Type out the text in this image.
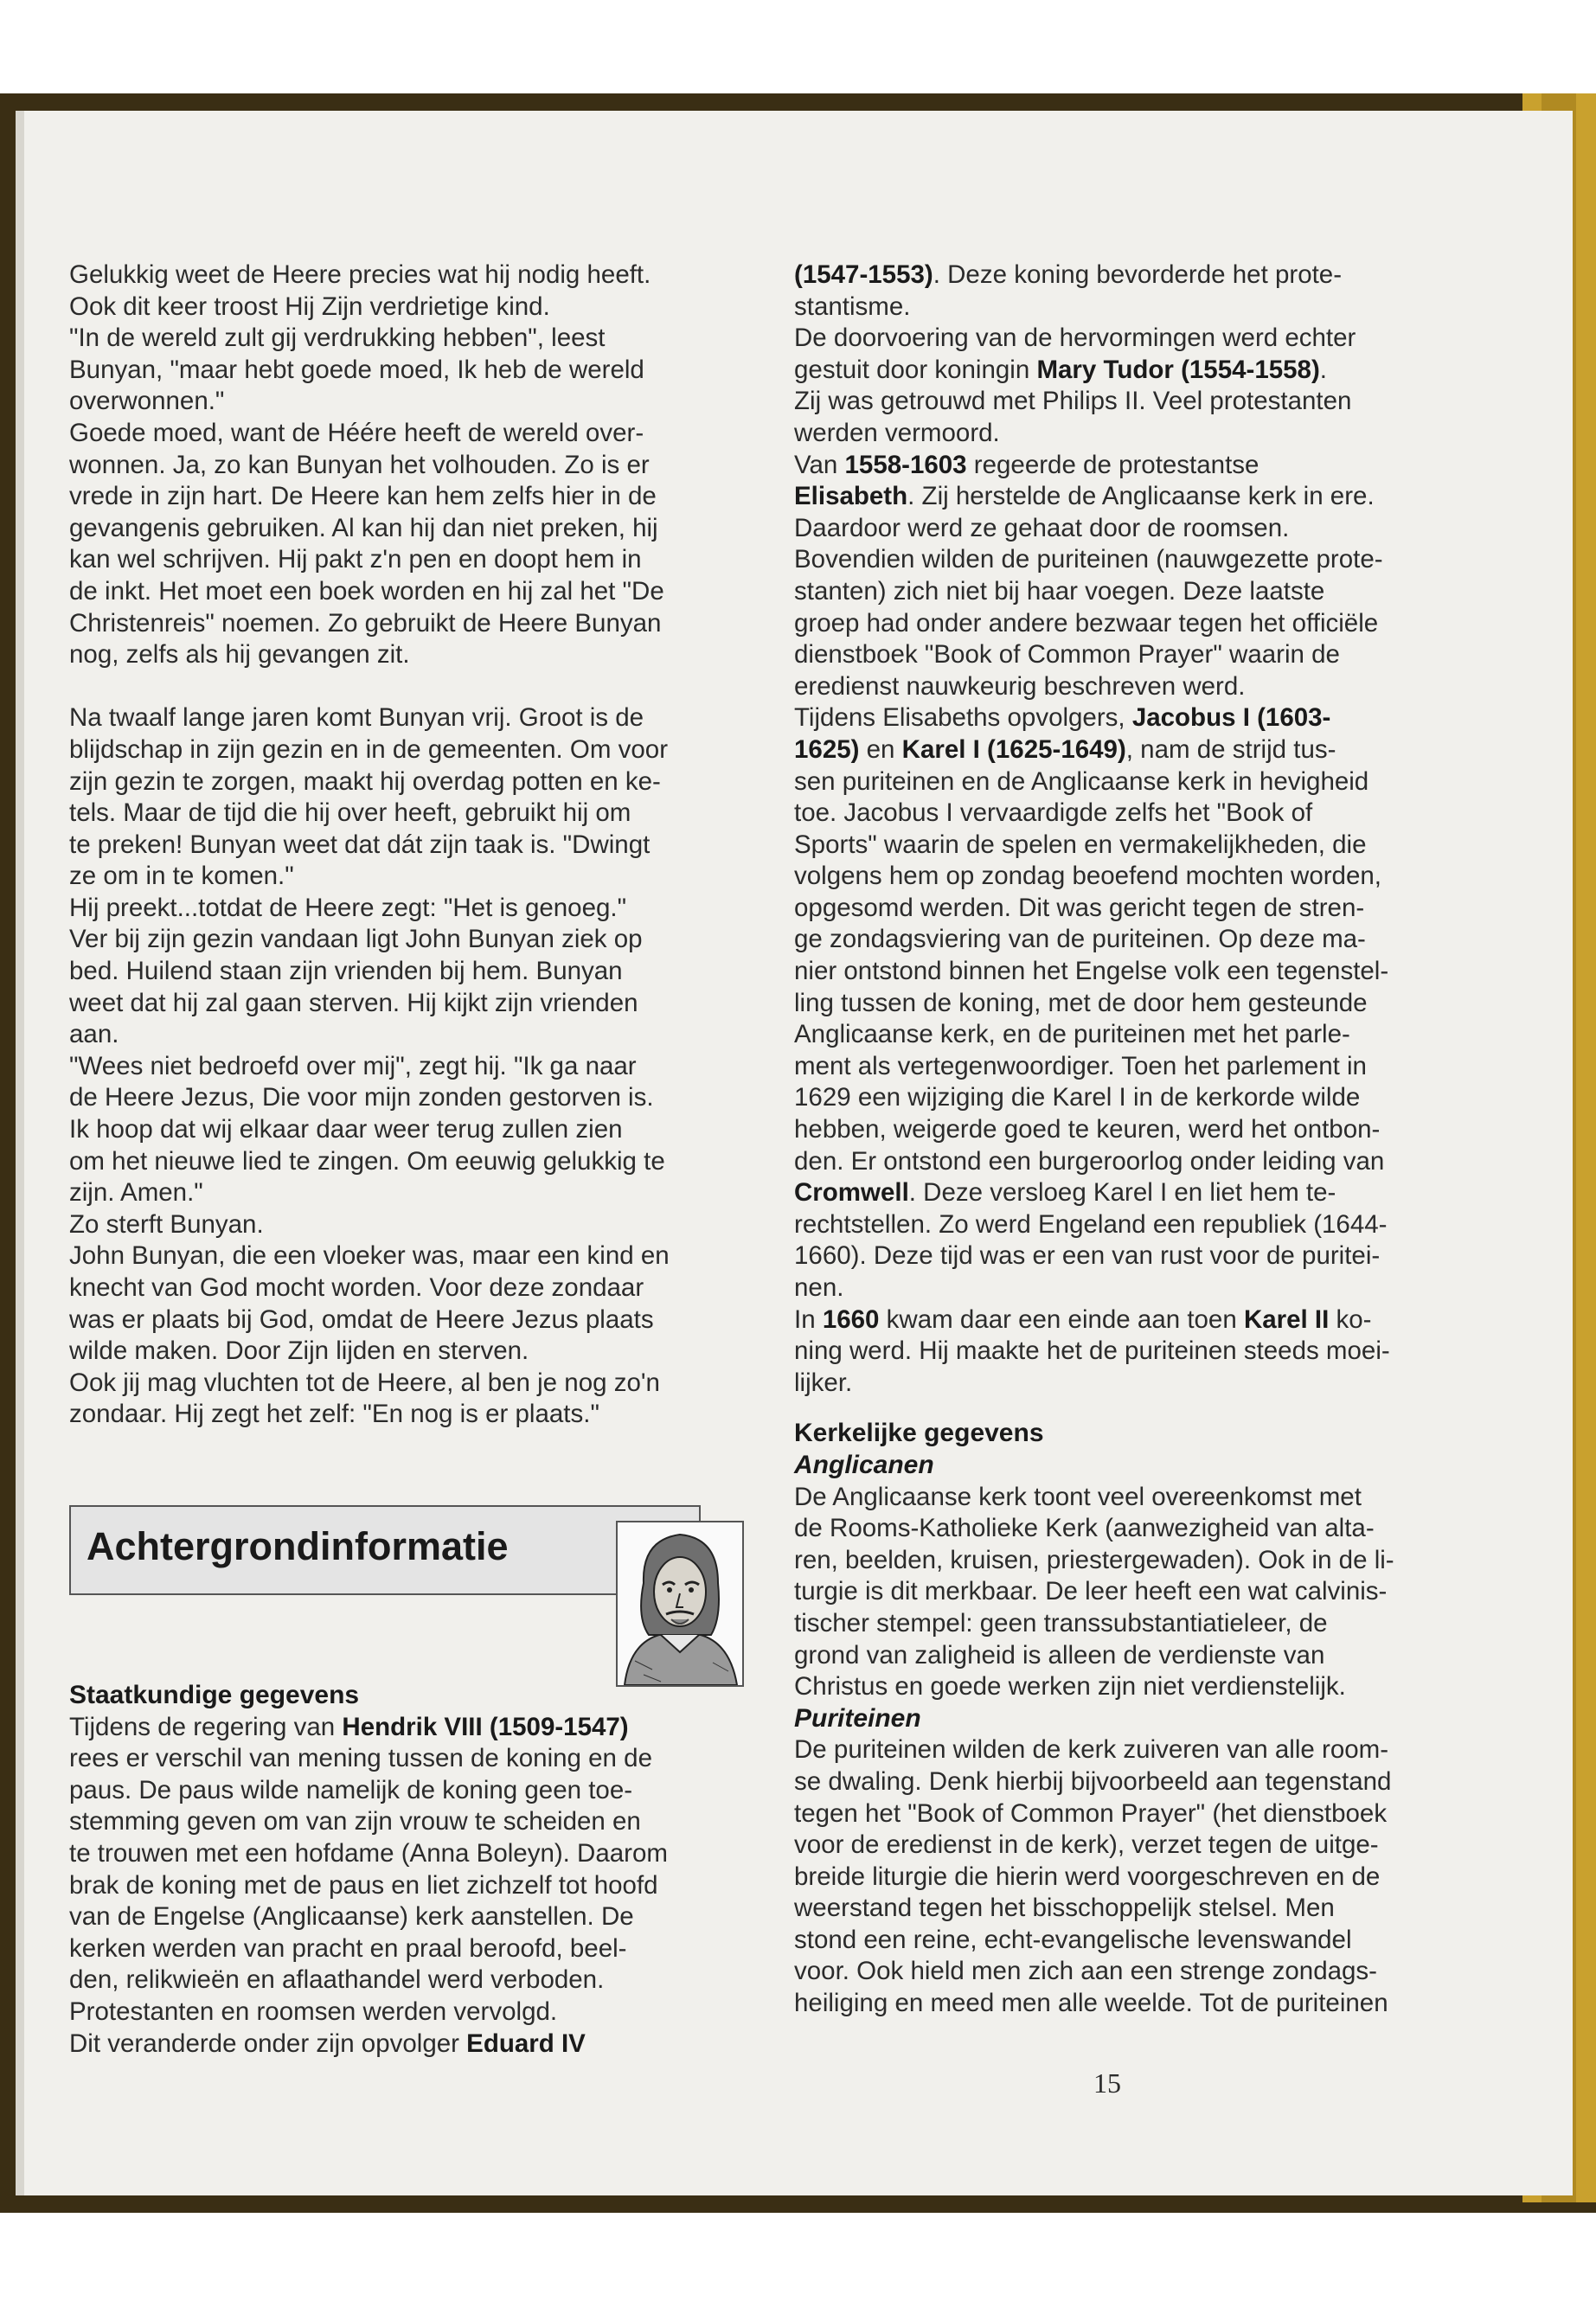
Gelukkig weet de Heere precies wat hij nodig heeft.
Ook dit keer troost Hij Zijn verdrietige kind.
"In de wereld zult gij verdrukking hebben", leest
Bunyan, "maar hebt goede moed, Ik heb de wereld
overwonnen."
Goede moed, want de Héére heeft de wereld over-
wonnen. Ja, zo kan Bunyan het volhouden. Zo is er
vrede in zijn hart. De Heere kan hem zelfs hier in de
gevangenis gebruiken. Al kan hij dan niet preken, hij
kan wel schrijven. Hij pakt z'n pen en doopt hem in
de inkt. Het moet een boek worden en hij zal het "De
Christenreis" noemen. Zo gebruikt de Heere Bunyan
nog, zelfs als hij gevangen zit.
Na twaalf lange jaren komt Bunyan vrij. Groot is de
blijdschap in zijn gezin en in de gemeenten. Om voor
zijn gezin te zorgen, maakt hij overdag potten en ke-
tels. Maar de tijd die hij over heeft, gebruikt hij om
te preken! Bunyan weet dat dát zijn taak is. "Dwingt
ze om in te komen."
Hij preekt...totdat de Heere zegt: "Het is genoeg."
Ver bij zijn gezin vandaan ligt John Bunyan ziek op
bed. Huilend staan zijn vrienden bij hem. Bunyan
weet dat hij zal gaan sterven. Hij kijkt zijn vrienden
aan.
"Wees niet bedroefd over mij", zegt hij. "Ik ga naar
de Heere Jezus, Die voor mijn zonden gestorven is.
Ik hoop dat wij elkaar daar weer terug zullen zien
om het nieuwe lied te zingen. Om eeuwig gelukkig te
zijn. Amen."
Zo sterft Bunyan.
John Bunyan, die een vloeker was, maar een kind en
knecht van God mocht worden. Voor deze zondaar
was er plaats bij God, omdat de Heere Jezus plaats
wilde maken. Door Zijn lijden en sterven.
Ook jij mag vluchten tot de Heere, al ben je nog zo'n
zondaar. Hij zegt het zelf: "En nog is er plaats."
Achtergrondinformatie
Staatkundige gegevens
Tijdens de regering van Hendrik VIII (1509-1547)
rees er verschil van mening tussen de koning en de
paus. De paus wilde namelijk de koning geen toe-
stemming geven om van zijn vrouw te scheiden en
te trouwen met een hofdame (Anna Boleyn). Daarom
brak de koning met de paus en liet zichzelf tot hoofd
van de Engelse (Anglicaanse) kerk aanstellen. De
kerken werden van pracht en praal beroofd, beel-
den, relikwieën en aflaathandel werd verboden.
Protestanten en roomsen werden vervolgd.
Dit veranderde onder zijn opvolger Eduard IV
(1547-1553). Deze koning bevorderde het prote-
stantisme.
De doorvoering van de hervormingen werd echter
gestuit door koningin Mary Tudor (1554-1558).
Zij was getrouwd met Philips II. Veel protestanten
werden vermoord.
Van 1558-1603 regeerde de protestantse
Elisabeth. Zij herstelde de Anglicaanse kerk in ere.
Daardoor werd ze gehaat door de roomsen.
Bovendien wilden de puriteinen (nauwgezette prote-
stanten) zich niet bij haar voegen. Deze laatste
groep had onder andere bezwaar tegen het officiële
dienstboek "Book of Common Prayer" waarin de
eredienst nauwkeurig beschreven werd.
Tijdens Elisabeths opvolgers, Jacobus I (1603-
1625) en Karel I (1625-1649), nam de strijd tus-
sen puriteinen en de Anglicaanse kerk in hevigheid
toe. Jacobus I vervaardigde zelfs het "Book of
Sports" waarin de spelen en vermakelijkheden, die
volgens hem op zondag beoefend mochten worden,
opgesomd werden. Dit was gericht tegen de stren-
ge zondagsviering van de puriteinen. Op deze ma-
nier ontstond binnen het Engelse volk een tegenstel-
ling tussen de koning, met de door hem gesteunde
Anglicaanse kerk, en de puriteinen met het parle-
ment als vertegenwoordiger. Toen het parlement in
1629 een wijziging die Karel I in de kerkorde wilde
hebben, weigerde goed te keuren, werd het ontbon-
den. Er ontstond een burgeroorlog onder leiding van
Cromwell. Deze versloeg Karel I en liet hem te-
rechtstellen. Zo werd Engeland een republiek (1644-
1660). Deze tijd was er een van rust voor de puritei-
nen.
In 1660 kwam daar een einde aan toen Karel II ko-
ning werd. Hij maakte het de puriteinen steeds moei-
lijker.
Kerkelijke gegevens
Anglicanen
De Anglicaanse kerk toont veel overeenkomst met
de Rooms-Katholieke Kerk (aanwezigheid van alta-
ren, beelden, kruisen, priestergewaden). Ook in de li-
turgie is dit merkbaar. De leer heeft een wat calvinis-
tischer stempel: geen transsubstantiatieleer, de
grond van zaligheid is alleen de verdienste van
Christus en goede werken zijn niet verdienstelijk.
Puriteinen
De puriteinen wilden de kerk zuiveren van alle room-
se dwaling. Denk hierbij bijvoorbeeld aan tegenstand
tegen het "Book of Common Prayer" (het dienstboek
voor de eredienst in de kerk), verzet tegen de uitge-
breide liturgie die hierin werd voorgeschreven en de
weerstand tegen het bisschoppelijk stelsel. Men
stond een reine, echt-evangelische levenswandel
voor. Ook hield men zich aan een strenge zondags-
heiliging en meed men alle weelde. Tot de puriteinen
15
